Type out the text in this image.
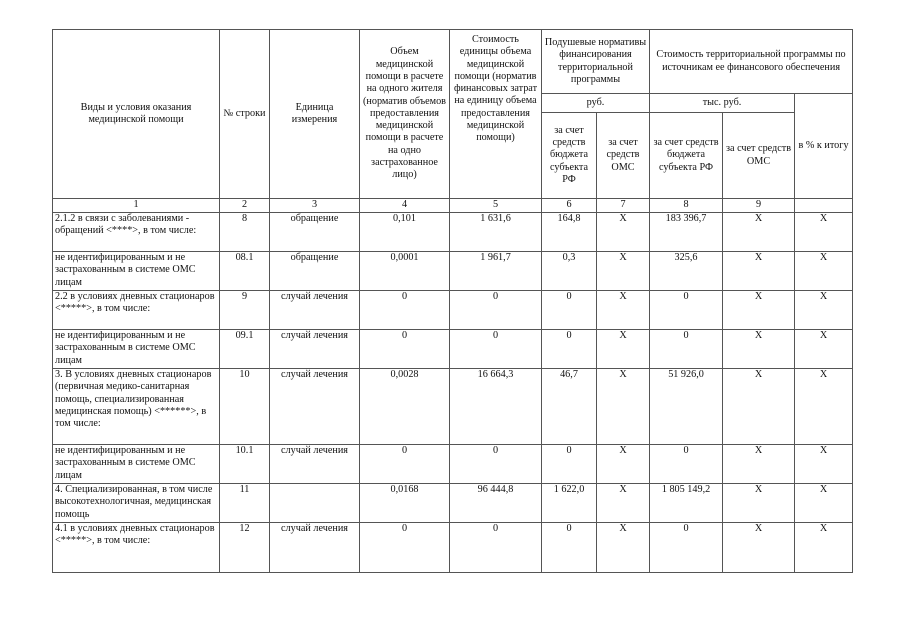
Виды и условия оказания медицинской помощи	№ строки	Единица измерения	Объем медицинской помощи в расчете на одного жителя (норматив объемов предоставления медицинской помощи в расчете на одно застрахованное лицо)	Стоимость единицы объема медицинской помощи (норматив финансовых затрат на единицу объема предоставления медицинской помощи)	Подушевые нормативы финансирования территориальной программы		Стоимость территориальной программы по источникам ее финансового обеспечения		
					руб.		тыс. руб.		в % к итогу
					за счет средств бюджета субъекта РФ	за счет средств ОМС	за счет средств бюджета субъекта РФ	за счет средств ОМС	
1	2	3	4	5	6	7	8	9	
2.1.2 в связи с заболеваниями - обращений <****>, в том числе:	8	обращение	0,101	1 631,6	164,8	X	183 396,7	X	X
не идентифицированным и не застрахованным в системе ОМС лицам	08.1	обращение	0,0001	1 961,7	0,3	X	325,6	X	X
2.2 в условиях дневных стационаров <*****>, в том числе:	9	случай лечения	0	0	0	X	0	X	X
не идентифицированным и не застрахованным в системе ОМС лицам	09.1	случай лечения	0	0	0	X	0	X	X
3. В условиях дневных стационаров (первичная медико-санитарная помощь, специализированная медицинская помощь) <******>, в том числе:	10	случай лечения	0,0028	16 664,3	46,7	X	51 926,0	X	X
не идентифицированным и не застрахованным в системе ОМС лицам	10.1	случай лечения	0	0	0	X	0	X	X
4. Специализированная, в том числе высокотехнологичная, медицинская помощь	11		0,0168	96 444,8	1 622,0	X	1 805 149,2	X	X
4.1 в условиях дневных стационаров <*****>, в том числе:	12	случай лечения	0	0	0	X	0	X	X
